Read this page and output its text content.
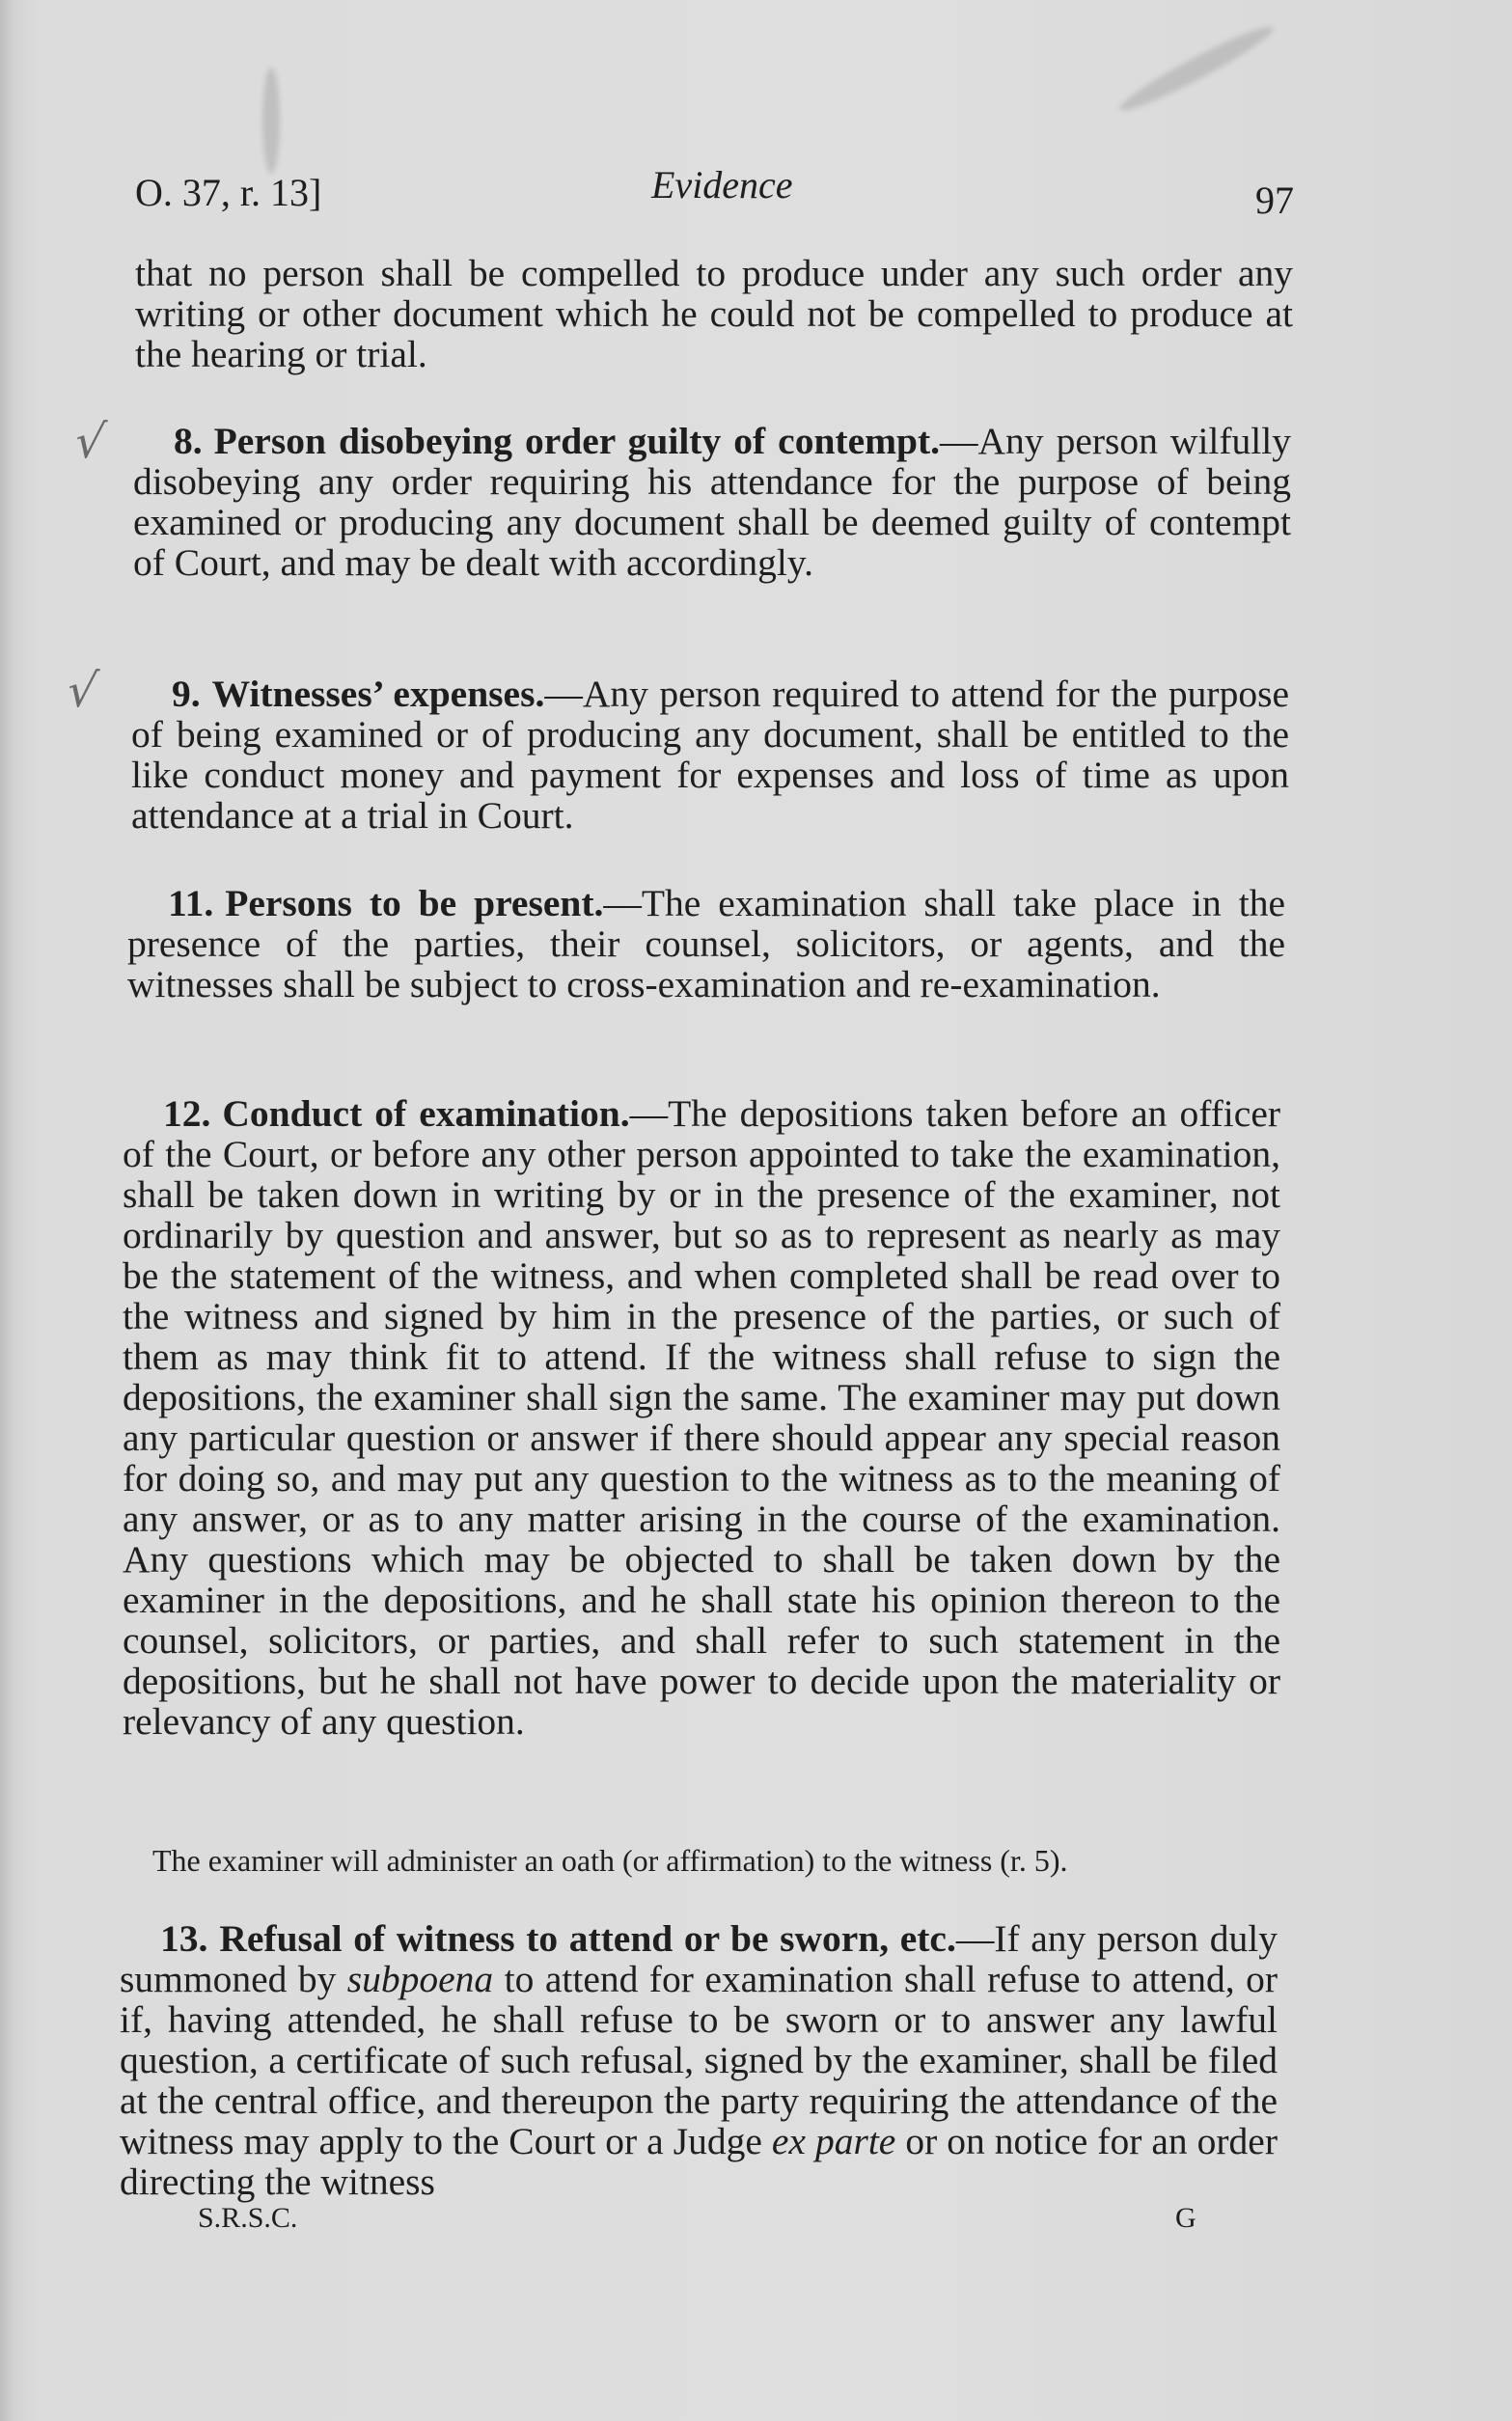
O. 37, r. 13]	Evidence	97

that no person shall be compelled to produce under any such order any writing or other document which he could not be compelled to produce at the hearing or trial.

√	8. Person disobeying order guilty of contempt.—Any person wilfully disobeying any order requiring his attendance for the purpose of being examined or producing any document shall be deemed guilty of contempt of Court, and may be dealt with accordingly.

√	9. Witnesses’ expenses.—Any person required to attend for the purpose of being examined or of producing any document, shall be entitled to the like conduct money and payment for expenses and loss of time as upon attendance at a trial in Court.

11. Persons to be present.—The examination shall take place in the presence of the parties, their counsel, solicitors, or agents, and the witnesses shall be subject to cross-examination and re-examination.

12. Conduct of examination.—The depositions taken before an officer of the Court, or before any other person appointed to take the examination, shall be taken down in writing by or in the presence of the examiner, not ordinarily by question and answer, but so as to represent as nearly as may be the statement of the witness, and when completed shall be read over to the witness and signed by him in the presence of the parties, or such of them as may think fit to attend. If the witness shall refuse to sign the depositions, the examiner shall sign the same. The examiner may put down any particular question or answer if there should appear any special reason for doing so, and may put any question to the witness as to the meaning of any answer, or as to any matter arising in the course of the examination. Any questions which may be objected to shall be taken down by the examiner in the depositions, and he shall state his opinion thereon to the counsel, solicitors, or parties, and shall refer to such statement in the depositions, but he shall not have power to decide upon the materiality or relevancy of any question.

The examiner will administer an oath (or affirmation) to the witness (r. 5).

13. Refusal of witness to attend or be sworn, etc.—If any person duly summoned by subpoena to attend for examination shall refuse to attend, or if, having attended, he shall refuse to be sworn or to answer any lawful question, a certificate of such refusal, signed by the examiner, shall be filed at the central office, and thereupon the party requiring the attendance of the witness may apply to the Court or a Judge ex parte or on notice for an order directing the witness

S.R.S.C.	G
